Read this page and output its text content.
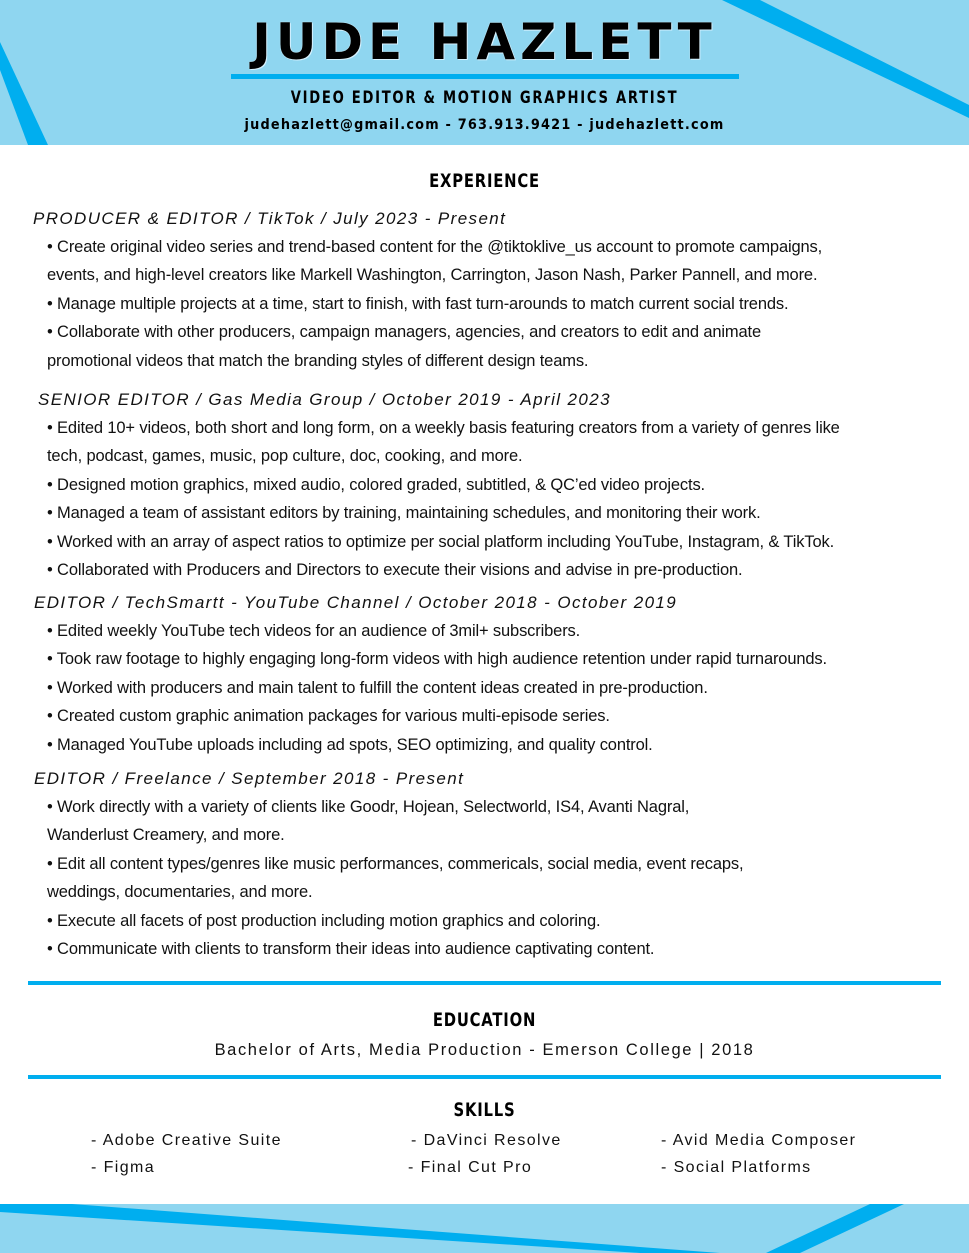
JUDE HAZLETT
VIDEO EDITOR & MOTION GRAPHICS ARTIST
judehazlett@gmail.com - 763.913.9421 - judehazlett.com
EXPERIENCE
PRODUCER & EDITOR / TikTok / July 2023 - Present
• Create original video series and trend-based content for the @tiktoklive_us account to promote campaigns,
events, and high-level creators like Markell Washington, Carrington, Jason Nash, Parker Pannell, and more.
• Manage multiple projects at a time, start to finish, with fast turn-arounds to match current social trends.
• Collaborate with other producers, campaign managers, agencies, and creators to edit and animate
promotional videos that match the branding styles of different design teams.
SENIOR EDITOR / Gas Media Group / October 2019 - April 2023
• Edited 10+ videos, both short and long form, on a weekly basis featuring creators from a variety of genres like
tech, podcast, games, music, pop culture, doc, cooking, and more.
• Designed motion graphics, mixed audio, colored graded, subtitled, & QC’ed video projects.
• Managed a team of assistant editors by training, maintaining schedules, and monitoring their work.
• Worked with an array of aspect ratios to optimize per social platform including YouTube, Instagram, & TikTok.
• Collaborated with Producers and Directors to execute their visions and advise in pre-production.
EDITOR / TechSmartt - YouTube Channel / October 2018 - October 2019
• Edited weekly YouTube tech videos for an audience of 3mil+ subscribers.
• Took raw footage to highly engaging long-form videos with high audience retention under rapid turnarounds.
• Worked with producers and main talent to fulfill the content ideas created in pre-production.
• Created custom graphic animation packages for various multi-episode series.
• Managed YouTube uploads including ad spots, SEO optimizing, and quality control.
EDITOR / Freelance / September 2018 - Present
• Work directly with a variety of clients like Goodr, Hojean, Selectworld, IS4, Avanti Nagral,
Wanderlust Creamery, and more.
• Edit all content types/genres like music performances, commericals, social media, event recaps,
weddings, documentaries, and more.
• Execute all facets of post production including motion graphics and coloring.
• Communicate with clients to transform their ideas into audience captivating content.
EDUCATION
Bachelor of Arts, Media Production - Emerson College | 2018
SKILLS
- Adobe Creative Suite	- DaVinci Resolve	- Avid Media Composer
- Figma	- Final Cut Pro	- Social Platforms
